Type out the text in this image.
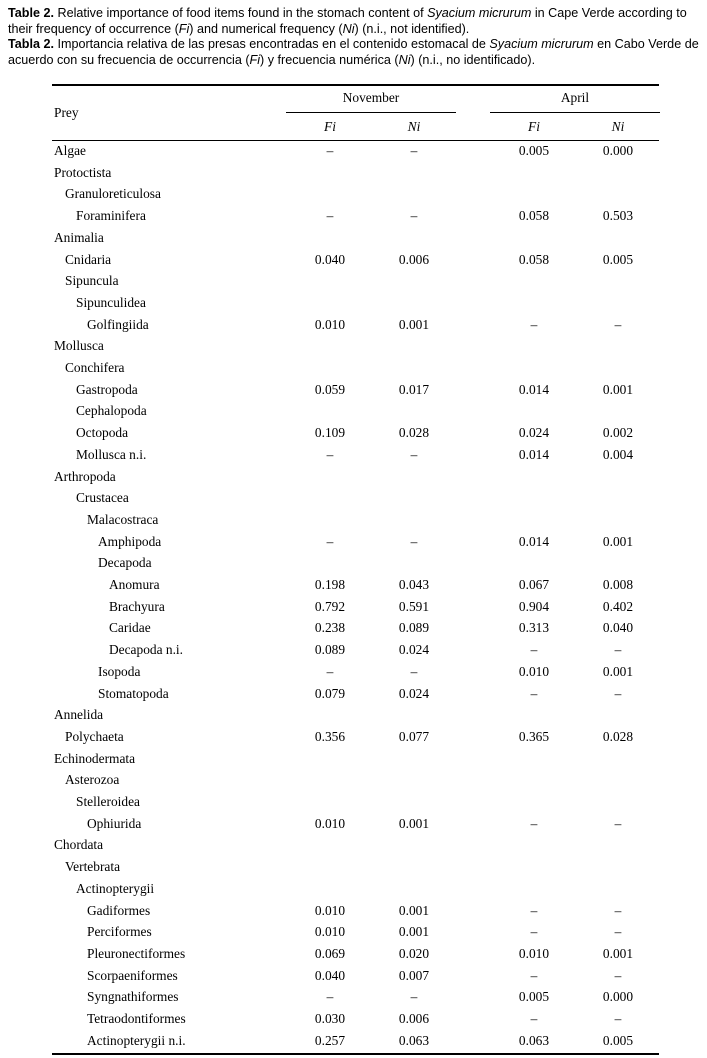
Table 2. Relative importance of food items found in the stomach content of Syacium micrurum in Cape Verde according to their frequency of occurrence (Fi) and numerical frequency (Ni) (n.i., not identified).

Tabla 2. Importancia relativa de las presas encontradas en el contenido estomacal de Syacium micrurum en Cabo Verde de acuerdo con su frecuencia de occurrencia (Fi) y frecuencia numérica (Ni) (n.i., no identificado).

Prey
November	April
Fi	Ni	Fi	Ni
Algae	–	–	0.005	0.000
Protoctista
Granuloreticulosa
Foraminifera	–	–	0.058	0.503
Animalia
Cnidaria	0.040	0.006	0.058	0.005
Sipuncula
Sipunculidea
Golfingiida	0.010	0.001	–	–
Mollusca
Conchifera
Gastropoda	0.059	0.017	0.014	0.001
Cephalopoda
Octopoda	0.109	0.028	0.024	0.002
Mollusca n.i.	–	–	0.014	0.004
Arthropoda
Crustacea
Malacostraca
Amphipoda	–	–	0.014	0.001
Decapoda
Anomura	0.198	0.043	0.067	0.008
Brachyura	0.792	0.591	0.904	0.402
Caridae	0.238	0.089	0.313	0.040
Decapoda n.i.	0.089	0.024	–	–
Isopoda	–	–	0.010	0.001
Stomatopoda	0.079	0.024	–	–
Annelida
Polychaeta	0.356	0.077	0.365	0.028
Echinodermata
Asterozoa
Stelleroidea
Ophiurida	0.010	0.001	–	–
Chordata
Vertebrata
Actinopterygii
Gadiformes	0.010	0.001	–	–
Perciformes	0.010	0.001	–	–
Pleuronectiformes	0.069	0.020	0.010	0.001
Scorpaeniformes	0.040	0.007	–	–
Syngnathiformes	–	–	0.005	0.000
Tetraodontiformes	0.030	0.006	–	–
Actinopterygii n.i.	0.257	0.063	0.063	0.005
